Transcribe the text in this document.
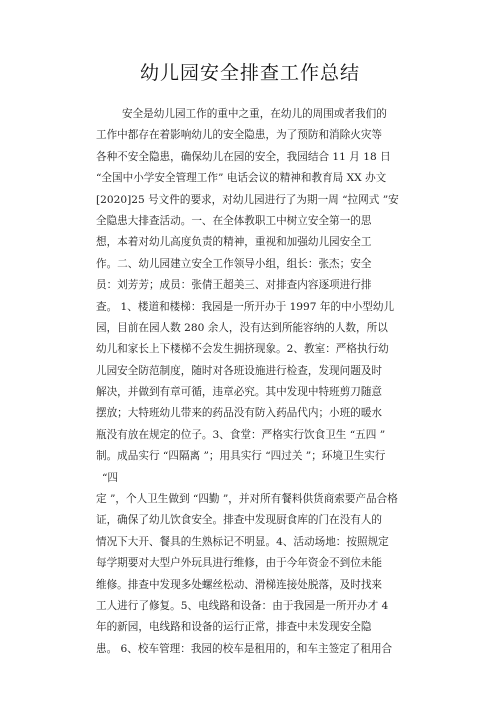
幼儿园安全排查工作总结
安全是幼儿园工作的重中之重，在幼儿的周围或者我们的
工作中都存在着影响幼儿的安全隐患，为了预防和消除火灾等
各种不安全隐患，确保幼儿在园的安全，我园结合 11 月 18 日
“全国中小学安全管理工作” 电话会议的精神和教育局 XX 办文
[2020]25 号文件的要求，对幼儿园进行了为期一周 “拉网式 ”安
全隐患大排查活动。一、在全体教职工中树立安全第一的思
想，本着对幼儿高度负责的精神，重视和加强幼儿园安全工
作。二、幼儿园建立安全工作领导小组，组长：张杰；安全
员：刘芳芳；成员：张倩王超美三、对排查内容逐项进行排
查。 1、楼道和楼梯：我园是一所开办于 1997 年的中小型幼儿
园，目前在园人数 280 余人，没有达到所能容纳的人数，所以
幼儿和家长上下楼梯不会发生拥挤现象。2、教室：严格执行幼
儿园安全防范制度，随时对各班设施进行检查，发现问题及时
解决，并做到有章可循，违章必究。其中发现中特班剪刀随意
摆放；大特班幼儿带来的药品没有防入药品代内；小班的暖水
瓶没有放在规定的位子。3、食堂：严格实行饮食卫生 “五四 ”
制。成品实行 “四隔离 ”；用具实行 “四过关 ”；环境卫生实行
“四
定 ”，个人卫生做到 “四勤 ”，并对所有餐料供货商索要产品合格
证，确保了幼儿饮食安全。排查中发现厨食库的门在没有人的
情况下大开、餐具的生熟标记不明显。4、活动场地：按照规定
每学期要对大型户外玩具进行维修，由于今年资金不到位未能
维修。排查中发现多处螺丝松动、滑梯连接处脱落，及时找来
工人进行了修复。5、电线路和设备：由于我园是一所开办才 4
年的新园，电线路和设备的运行正常，排查中未发现安全隐
患。 6、校车管理：我园的校车是租用的，和车主签定了租用合
